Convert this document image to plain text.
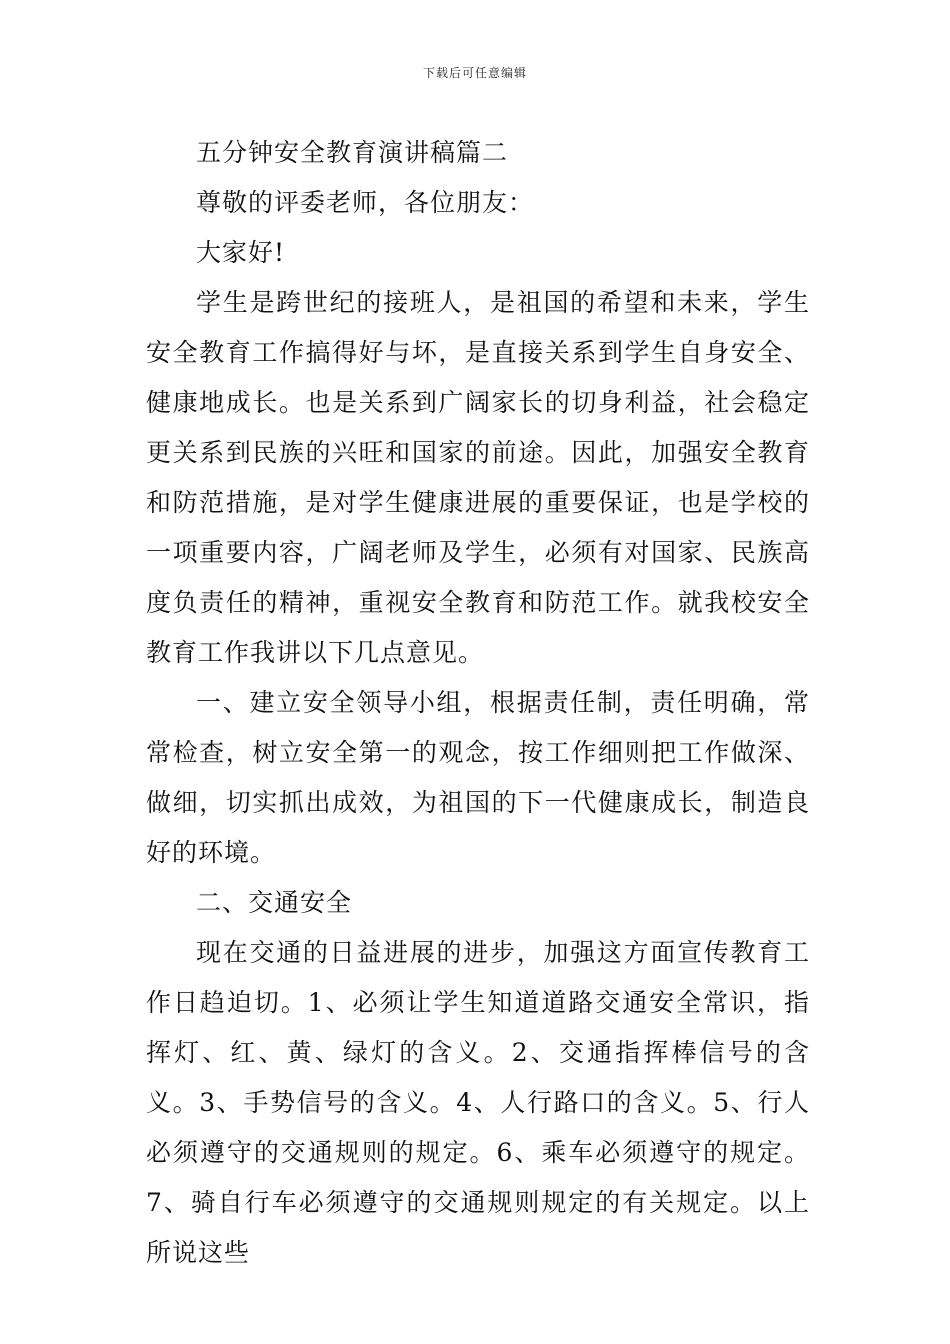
下载后可任意编辑

五分钟安全教育演讲稿篇二

尊敬的评委老师，各位朋友：

大家好!

学生是跨世纪的接班人，是祖国的希望和未来，学生安全教育工作搞得好与坏，是直接关系到学生自身安全、健康地成长。也是关系到广阔家长的切身利益，社会稳定更关系到民族的兴旺和国家的前途。因此，加强安全教育和防范措施，是对学生健康进展的重要保证，也是学校的一项重要内容，广阔老师及学生，必须有对国家、民族高度负责任的精神，重视安全教育和防范工作。就我校安全教育工作我讲以下几点意见。

一、建立安全领导小组，根据责任制，责任明确，常常检查，树立安全第一的观念，按工作细则把工作做深、做细，切实抓出成效，为祖国的下一代健康成长，制造良好的环境。

二、交通安全

现在交通的日益进展的进步，加强这方面宣传教育工作日趋迫切。1、必须让学生知道道路交通安全常识，指挥灯、红、黄、绿灯的含义。2、交通指挥棒信号的含义。3、手势信号的含义。4、人行路口的含义。5、行人必须遵守的交通规则的规定。6、乘车必须遵守的规定。7、骑自行车必须遵守的交通规则规定的有关规定。以上所说这些
